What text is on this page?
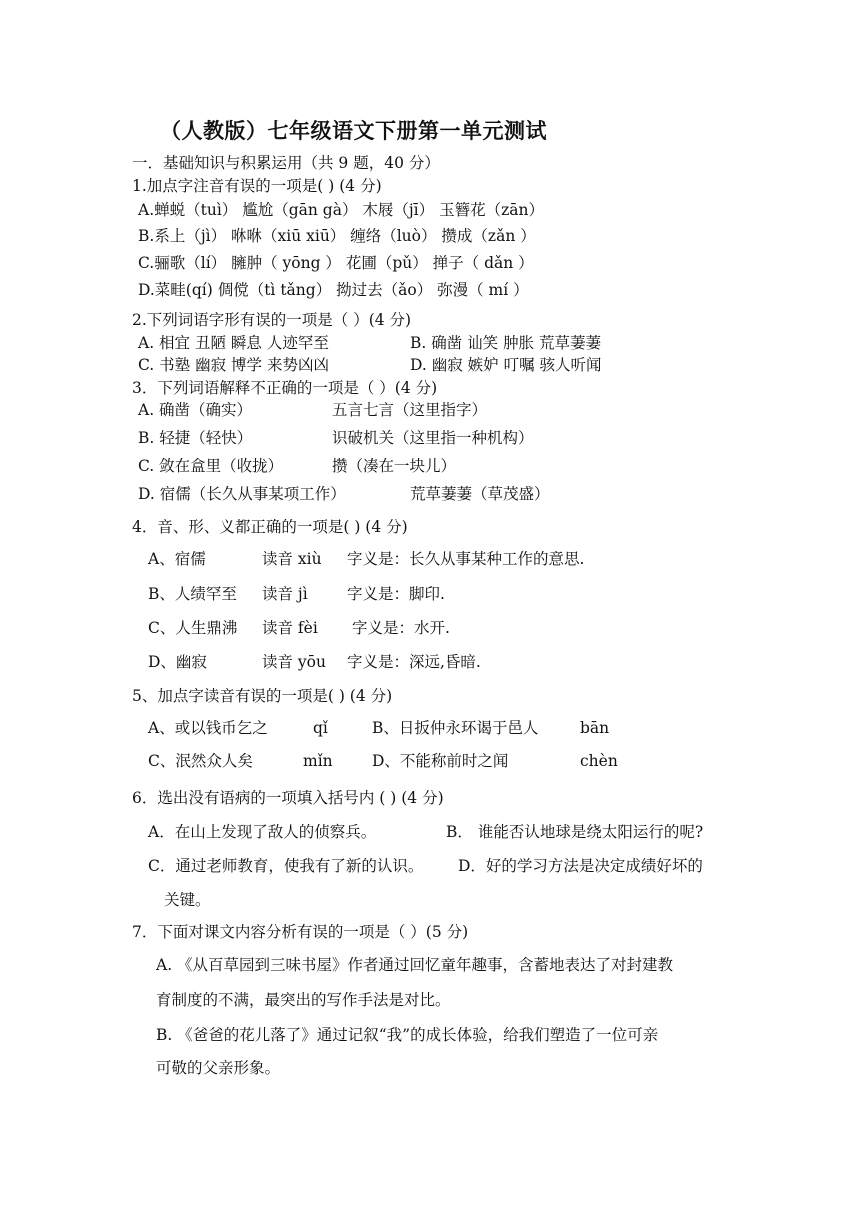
（人教版）七年级语文下册第一单元测试
一．基础知识与积累运用（共 9 题，40 分）
1.加点字注音有误的一项是( ) (4 分)
A.蝉蜕（tuì） 尴尬（gān gà） 木屐（jī） 玉簪花（zān）
B.系上（jì） 咻咻（xiū xiū） 缠络（luò） 攒成（zǎn ）
C.骊歌（lí） 臃肿（ yōng ） 花圃（pǔ） 掸子（ dǎn ）
D.菜畦(qí) 倜傥（tì tǎng） 拗过去（ǎo） 弥漫（ mí ）
2.下列词语字形有误的一项是（ ）(4 分)
A. 相宜 丑陋 瞬息 人迹罕至	B. 确凿 讪笑 肿胀 荒草萋萋
C. 书塾 幽寂 博学 来势凶凶	D. 幽寂 嫉妒 叮嘱 骇人听闻
3．下列词语解释不正确的一项是（ ）(4 分)
A. 确凿（确实）	五言七言（这里指字）
B. 轻捷（轻快）	识破机关（这里指一种机构）
C. 敛在盒里（收拢）	攒（凑在一块儿）
D. 宿儒（长久从事某项工作）	荒草萋萋（草茂盛）
4．音、形、义都正确的一项是( ) (4 分)
A、宿儒	读音 xiù 字义是：长久从事某种工作的意思.
B、人绩罕至 读音 jì	字义是：脚印.
C、人生鼎沸 读音 fèi 字义是：水开.
D、幽寂	读音 yōu 字义是：深远,昏暗.
5、加点字读音有误的一项是( ) (4 分)
A、或以钱币乞之	qǐ	B、日扳仲永环谒于邑人	bān
C、泯然众人矣	mǐn	D、不能称前时之闻	chèn
6．选出没有语病的一项填入括号内 ( ) (4 分)
A．在山上发现了敌人的侦察兵。	B． 谁能否认地球是绕太阳运行的呢?
C．通过老师教育，使我有了新的认识。 D．好的学习方法是决定成绩好坏的
关键。
7．下面对课文内容分析有误的一项是（ ）(5 分)
A. 《从百草园到三味书屋》作者通过回忆童年趣事，含蓄地表达了对封建教
育制度的不满，最突出的写作手法是对比。
B. 《爸爸的花儿落了》通过记叙“我”的成长体验，给我们塑造了一位可亲
可敬的父亲形象。
